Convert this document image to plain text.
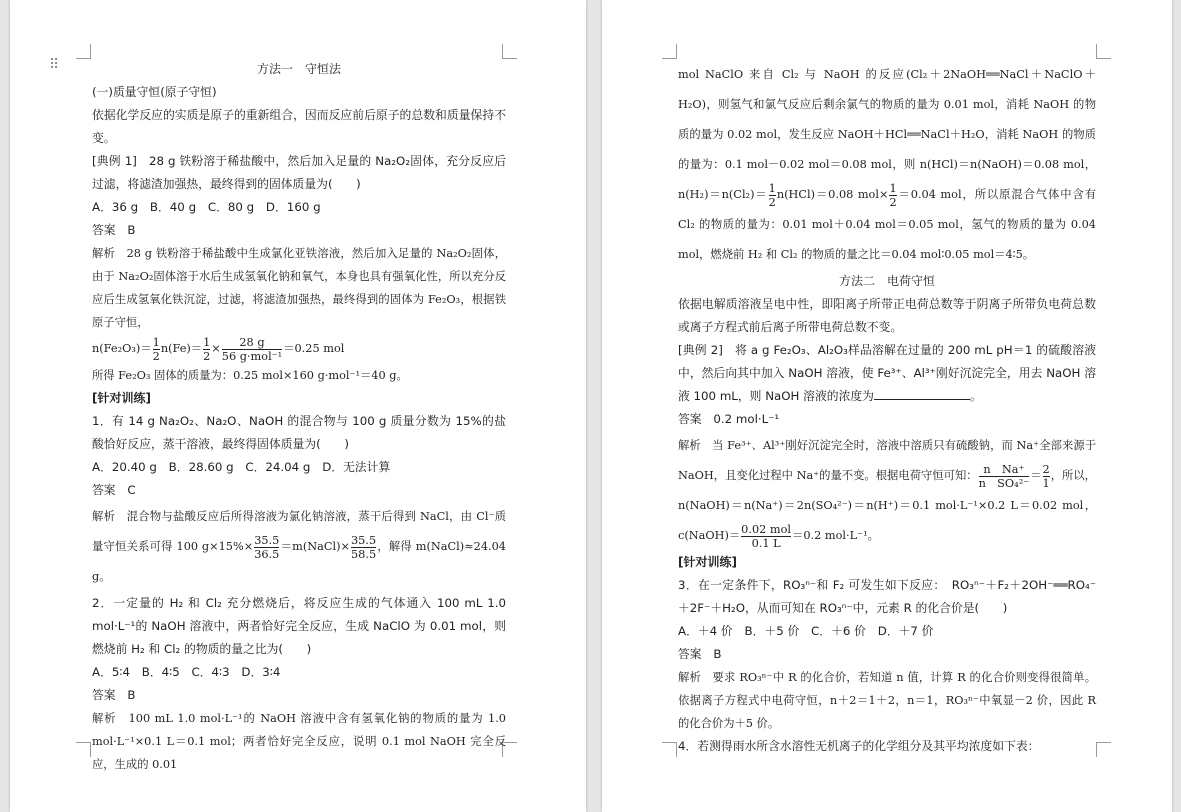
方法一　守恒法

(一)质量守恒(原子守恒)

依据化学反应的实质是原子的重新组合，因而反应前后原子的总数和质量保持不变。

[典例 1]　28 g 铁粉溶于稀盐酸中，然后加入足量的 Na₂O₂固体，充分反应后过滤，将滤渣加强热，最终得到的固体质量为(　　)

A．36 g　B．40 g　C．80 g　D．160 g

答案　B

解析　28 g 铁粉溶于稀盐酸中生成氯化亚铁溶液，然后加入足量的 Na₂O₂固体，由于 Na₂O₂固体溶于水后生成氢氧化钠和氧气，本身也具有强氧化性，所以充分反应后生成氢氧化铁沉淀，过滤，将滤渣加强热，最终得到的固体为 Fe₂O₃，根据铁原子守恒，

$n(Fe_2O_3)= \frac{1}{2} n(Fe)= \frac{1}{2} \times \frac{28 g}{\text{56 g·mol⁻¹}} =0.25$ mol

所得 Fe₂O₃ 固体的质量为：0.25 mol×160 g·mol⁻¹＝40 g。

[针对训练]

1．有 14 g Na₂O₂、Na₂O、NaOH 的混合物与 100 g 质量分数为 15%的盐酸恰好反应，蒸干溶液，最终得固体质量为(　　)

A．20.40 g　B．28.60 g　C．24.04 g　D．无法计算

答案　C

解析　混合物与盐酸反应后所得溶液为氯化钠溶液，蒸干后得到 NaCl，由 Cl⁻质量守恒关系可得 100 $g\times 15\%\times \frac{35.5}{36.5}$ ＝m(NaCl)× $\frac{35.5}{58.5}$ ，解得 m(NaCl)≈24.04 g。

2．一定量的 H₂ 和 Cl₂ 充分燃烧后，将反应生成的气体通入 100 mL 1.0 mol·L⁻¹的 NaOH 溶液中，两者恰好完全反应，生成 NaClO 为 0.01 mol，则燃烧前 H₂ 和 Cl₂ 的物质的量之比为(　　)

A．5∶4　B．4∶5　C．4∶3　D．3∶4

答案　B

解析　100 mL 1.0 mol·L⁻¹的 NaOH 溶液中含有氢氧化钠的物质的量为 1.0 mol·L⁻¹×0.1 L＝0.1 mol；两者恰好完全反应，说明 0.1 mol NaOH 完全反应，生成的 0.01

⠿

mol NaClO 来自 Cl₂ 与 NaOH 的反应(Cl₂＋2NaOH══NaCl＋NaClO＋H₂O)，则氢气和氯气反应后剩余氯气的物质的量为 0.01 mol，消耗 NaOH 的物质的量为 0.02 mol，发生反应 NaOH＋HCl══NaCl＋H₂O，消耗 NaOH 的物质的量为：0.1 mol－0.02 mol＝0.08 mol，则 n(HCl)＝n(NaOH)＝0.08 mol，$n(H_2)=n(Cl_2)= \frac{1}{2} n(HCl)=0.08$ $mol\times \frac{1}{2} =0.04$ mol，所以原混合气体中含有 Cl₂ 的物质的量为：0.01 mol＋0.04 mol＝0.05 mol，氢气的物质的量为 0.04 mol，燃烧前 H₂ 和 Cl₂ 的物质的量之比＝0.04 mol∶0.05 mol＝4∶5。

方法二　电荷守恒

依据电解质溶液呈电中性，即阳离子所带正电荷总数等于阴离子所带负电荷总数或离子方程式前后离子所带电荷总数不变。

[典例 2]　将 a g Fe₂O₃、Al₂O₃样品溶解在过量的 200 mL pH＝1 的硫酸溶液中，然后向其中加入 NaOH 溶液，使 Fe³⁺、Al³⁺刚好沉淀完全，用去 NaOH 溶液 100 mL，则 NaOH 溶液的浓度为	。

答案　0.2 mol·L⁻¹

解析　当 Fe³⁺、Al³⁺刚好沉淀完全时，溶液中溶质只有硫酸钠，而 Na⁺全部来源于 NaOH，且变化过程中 Na⁺的量不变。根据电荷守恒可知： $\frac{\text{n　Na⁺}}{\text{n　SO₄²⁻}} = \frac{2}{1}$ ，所以，n(NaOH)＝n(Na⁺)＝2n(SO₄²⁻)＝n(H⁺)＝0.1 mol·L⁻¹×0.2 L＝0.02 mol，c(NaOH)＝ $\frac{\text{0.02 mol}}{0.1 L} =0.2$ mol·L⁻¹。

[针对训练]

3．在一定条件下，RO₃ⁿ⁻和 F₂ 可发生如下反应：　RO₃ⁿ⁻＋F₂＋2OH⁻══RO₄⁻＋2F⁻＋H₂O，从而可知在 RO₃ⁿ⁻中，元素 R 的化合价是(　　)

A．＋4 价　B．＋5 价　C．＋6 价　D．＋7 价

答案　B

解析　要求 RO₃ⁿ⁻中 R 的化合价，若知道 n 值，计算 R 的化合价则变得很简单。依据离子方程式中电荷守恒，n＋2＝1＋2，n＝1，RO₃ⁿ⁻中氧显－2 价，因此 R 的化合价为＋5 价。

4．若测得雨水所含水溶性无机离子的化学组分及其平均浓度如下表：
